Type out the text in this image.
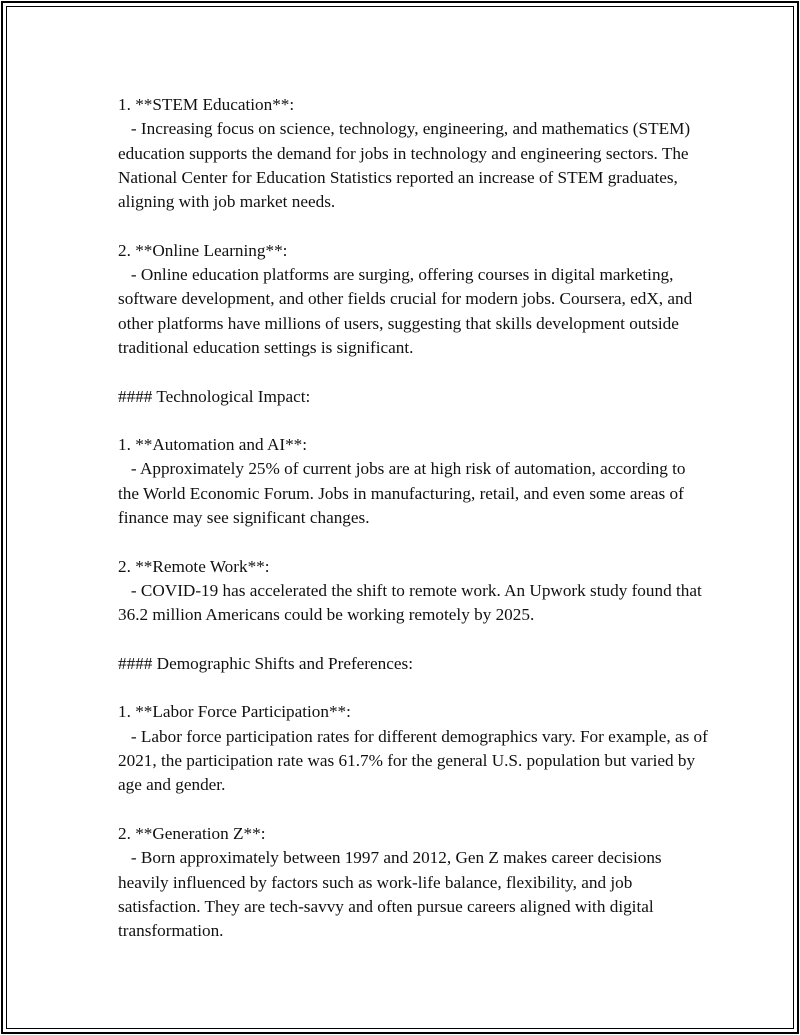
1. **STEM Education**:
- Increasing focus on science, technology, engineering, and mathematics (STEM) education supports the demand for jobs in technology and engineering sectors. The National Center for Education Statistics reported an increase of STEM graduates, aligning with job market needs.
2. **Online Learning**:
- Online education platforms are surging, offering courses in digital marketing, software development, and other fields crucial for modern jobs. Coursera, edX, and other platforms have millions of users, suggesting that skills development outside traditional education settings is significant.
#### Technological Impact:
1. **Automation and AI**:
- Approximately 25% of current jobs are at high risk of automation, according to the World Economic Forum. Jobs in manufacturing, retail, and even some areas of finance may see significant changes.
2. **Remote Work**:
- COVID-19 has accelerated the shift to remote work. An Upwork study found that 36.2 million Americans could be working remotely by 2025.
#### Demographic Shifts and Preferences:
1. **Labor Force Participation**:
- Labor force participation rates for different demographics vary. For example, as of 2021, the participation rate was 61.7% for the general U.S. population but varied by age and gender.
2. **Generation Z**:
- Born approximately between 1997 and 2012, Gen Z makes career decisions heavily influenced by factors such as work-life balance, flexibility, and job satisfaction. They are tech-savvy and often pursue careers aligned with digital transformation.
